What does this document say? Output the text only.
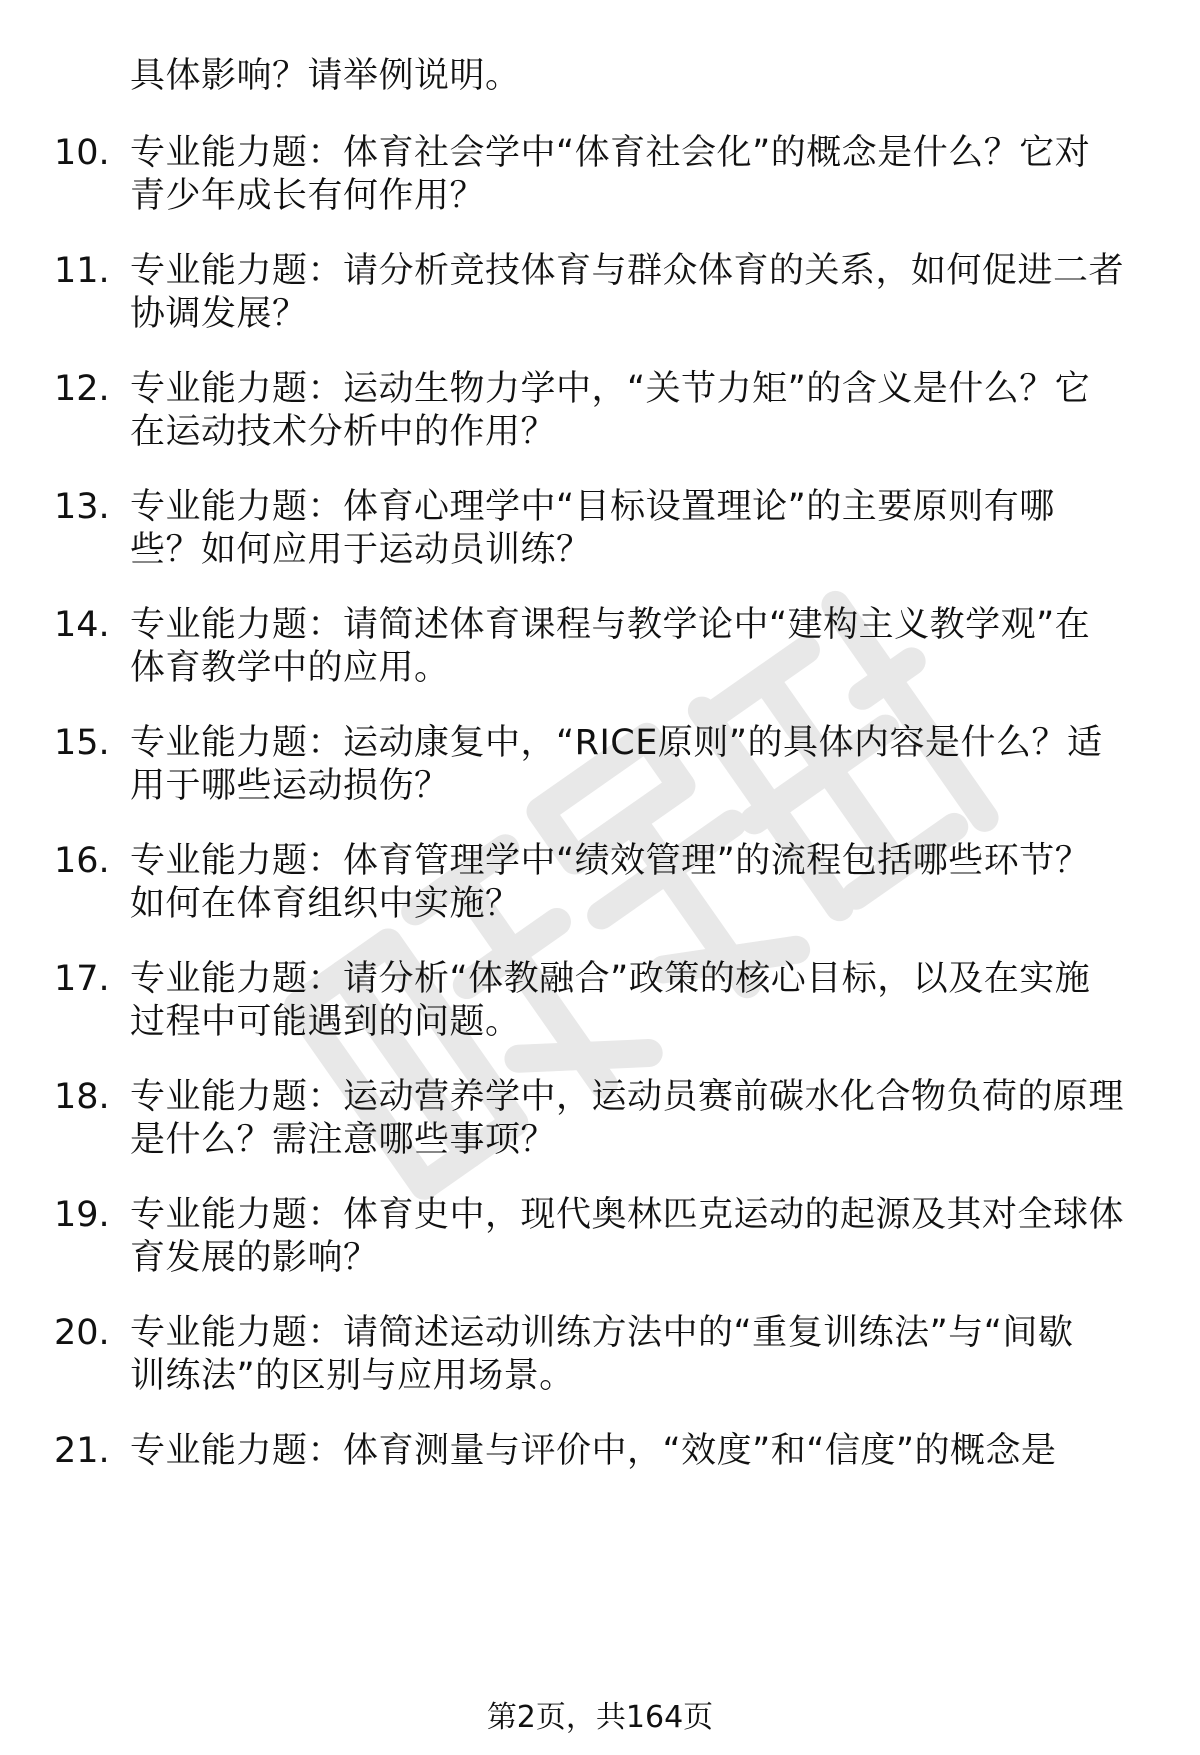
具体影响？请举例说明。
10. 专业能力题：体育社会学中“体育社会化”的概念是什么？它对
青少年成长有何作用？
11. 专业能力题：请分析竞技体育与群众体育的关系，如何促进二者
协调发展？
12. 专业能力题：运动生物力学中，“关节力矩”的含义是什么？它
在运动技术分析中的作用？
13. 专业能力题：体育心理学中“目标设置理论”的主要原则有哪
些？如何应用于运动员训练？
14. 专业能力题：请简述体育课程与教学论中“建构主义教学观”在
体育教学中的应用。
15. 专业能力题：运动康复中，“RICE原则”的具体内容是什么？适
用于哪些运动损伤？
16. 专业能力题：体育管理学中“绩效管理”的流程包括哪些环节？
如何在体育组织中实施？
17. 专业能力题：请分析“体教融合”政策的核心目标，以及在实施
过程中可能遇到的问题。
18. 专业能力题：运动营养学中，运动员赛前碳水化合物负荷的原理
是什么？需注意哪些事项？
19. 专业能力题：体育史中，现代奥林匹克运动的起源及其对全球体
育发展的影响？
20. 专业能力题：请简述运动训练方法中的“重复训练法”与“间歇
训练法”的区别与应用场景。
21. 专业能力题：体育测量与评价中，“效度”和“信度”的概念是
第2页，共164页
